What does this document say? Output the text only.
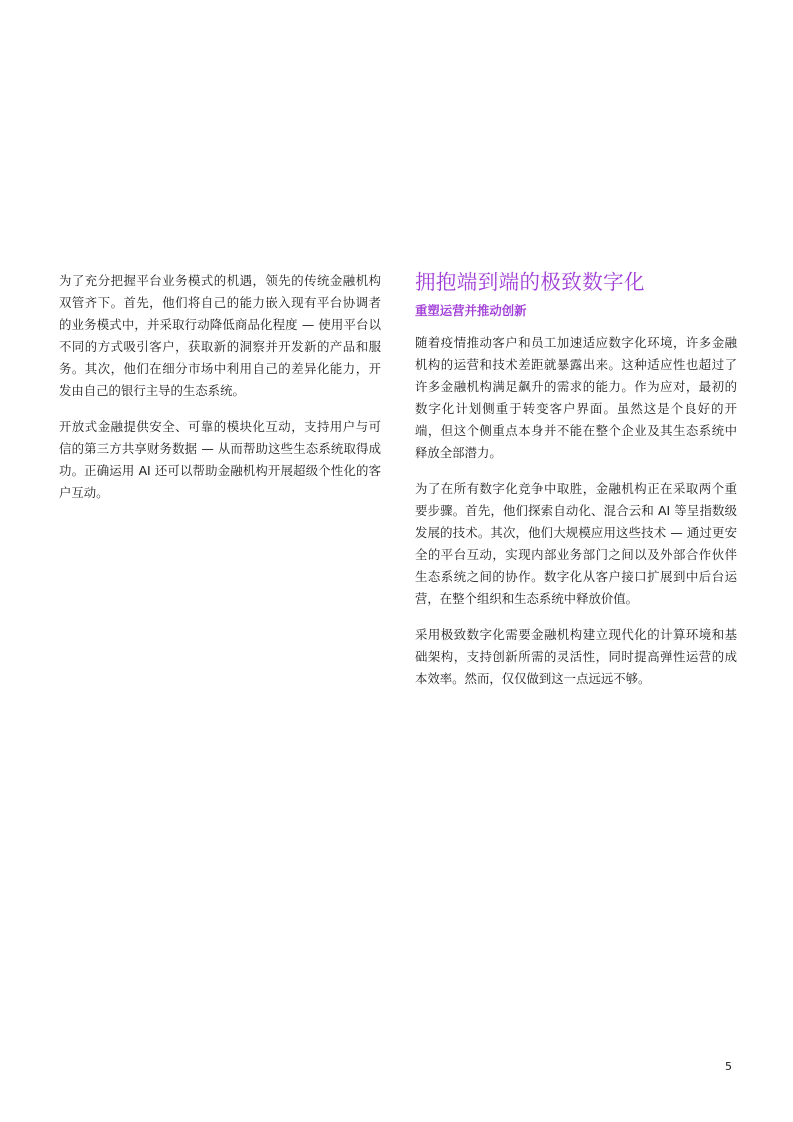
为了充分把握平台业务模式的机遇，领先的传统金融机构双管齐下。首先，他们将自己的能力嵌入现有平台协调者的业务模式中，并采取行动降低商品化程度 — 使用平台以不同的方式吸引客户，获取新的洞察并开发新的产品和服务。其次，他们在细分市场中利用自己的差异化能力，开发由自己的银行主导的生态系统。

开放式金融提供安全、可靠的模块化互动，支持用户与可信的第三方共享财务数据 — 从而帮助这些生态系统取得成功。正确运用 AI 还可以帮助金融机构开展超级个性化的客户互动。

拥抱端到端的极致数字化
重塑运营并推动创新

随着疫情推动客户和员工加速适应数字化环境，许多金融机构的运营和技术差距就暴露出来。这种适应性也超过了许多金融机构满足飙升的需求的能力。作为应对，最初的数字化计划侧重于转变客户界面。虽然这是个良好的开端，但这个侧重点本身并不能在整个企业及其生态系统中释放全部潜力。

为了在所有数字化竞争中取胜，金融机构正在采取两个重要步骤。首先，他们探索自动化、混合云和 AI 等呈指数级发展的技术。其次，他们大规模应用这些技术 — 通过更安全的平台互动，实现内部业务部门之间以及外部合作伙伴生态系统之间的协作。数字化从客户接口扩展到中后台运营，在整个组织和生态系统中释放价值。

采用极致数字化需要金融机构建立现代化的计算环境和基础架构，支持创新所需的灵活性，同时提高弹性运营的成本效率。然而，仅仅做到这一点远远不够。

5
